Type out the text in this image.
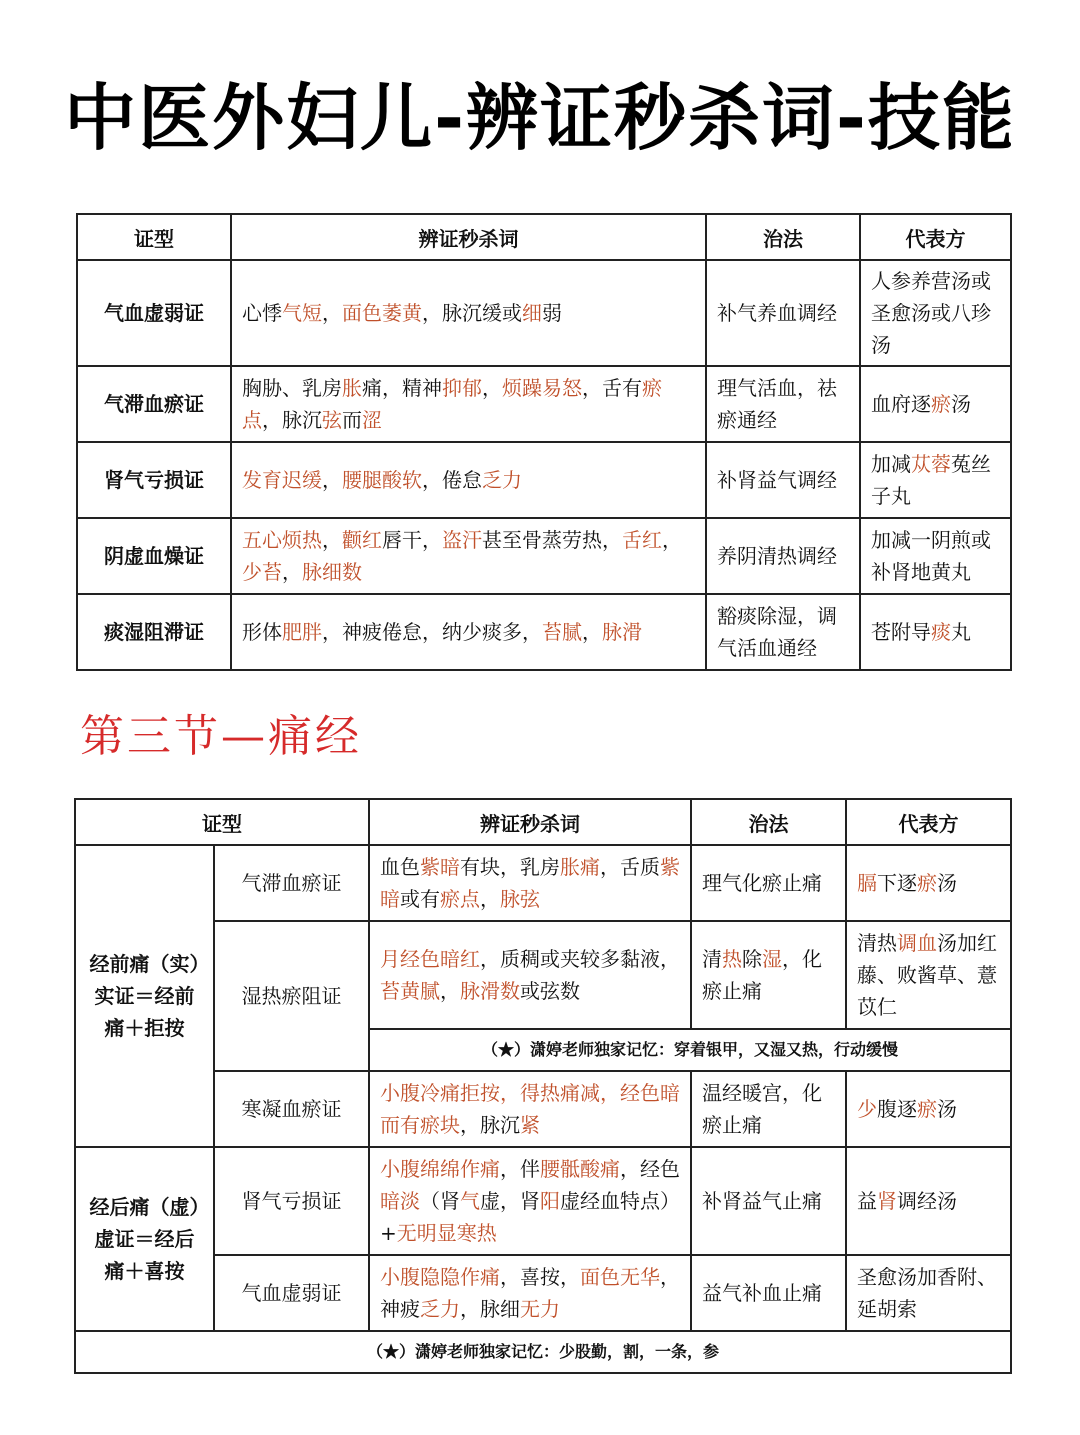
中医外妇儿-辨证秒杀词-技能
证型	辨证秒杀词	治法	代表方
气血虚弱证	心悸气短，面色萎黄，脉沉缓或细弱	补气养血调经	人参养营汤或圣愈汤或八珍汤
气滞血瘀证	胸胁、乳房胀痛，精神抑郁，烦躁易怒，舌有瘀点，脉沉弦而涩	理气活血，祛瘀通经	血府逐瘀汤
肾气亏损证	发育迟缓，腰腿酸软，倦怠乏力	补肾益气调经	加减苁蓉菟丝子丸
阴虚血燥证	五心烦热，颧红唇干，盗汗甚至骨蒸劳热，舌红，少苔，脉细数	养阴清热调经	加减一阴煎或补肾地黄丸
痰湿阻滞证	形体肥胖，神疲倦怠，纳少痰多，苔腻，脉滑	豁痰除湿，调气活血通经	苍附导痰丸
第三节—痛经
证型		辨证秒杀词	治法	代表方
经前痛（实）实证＝经前痛＋拒按	气滞血瘀证	血色紫暗有块，乳房胀痛，舌质紫暗或有瘀点，脉弦	理气化瘀止痛	膈下逐瘀汤
	湿热瘀阻证	月经色暗红，质稠或夹较多黏液，苔黄腻，脉滑数或弦数	清热除湿，化瘀止痛	清热调血汤加红藤、败酱草、薏苡仁
		（★）潇婷老师独家记忆：穿着银甲，又湿又热，行动缓慢		
	寒凝血瘀证	小腹冷痛拒按，得热痛减，经色暗而有瘀块，脉沉紧	温经暖宫，化瘀止痛	少腹逐瘀汤
经后痛（虚）虚证＝经后痛＋喜按	肾气亏损证	小腹绵绵作痛，伴腰骶酸痛，经色暗淡（肾气虚，肾阳虚经血特点）+无明显寒热	补肾益气止痛	益肾调经汤
	气血虚弱证	小腹隐隐作痛，喜按，面色无华，神疲乏力，脉细无力	益气补血止痛	圣愈汤加香附、延胡索
（★）潇婷老师独家记忆：少股勤，割，一条，参				
